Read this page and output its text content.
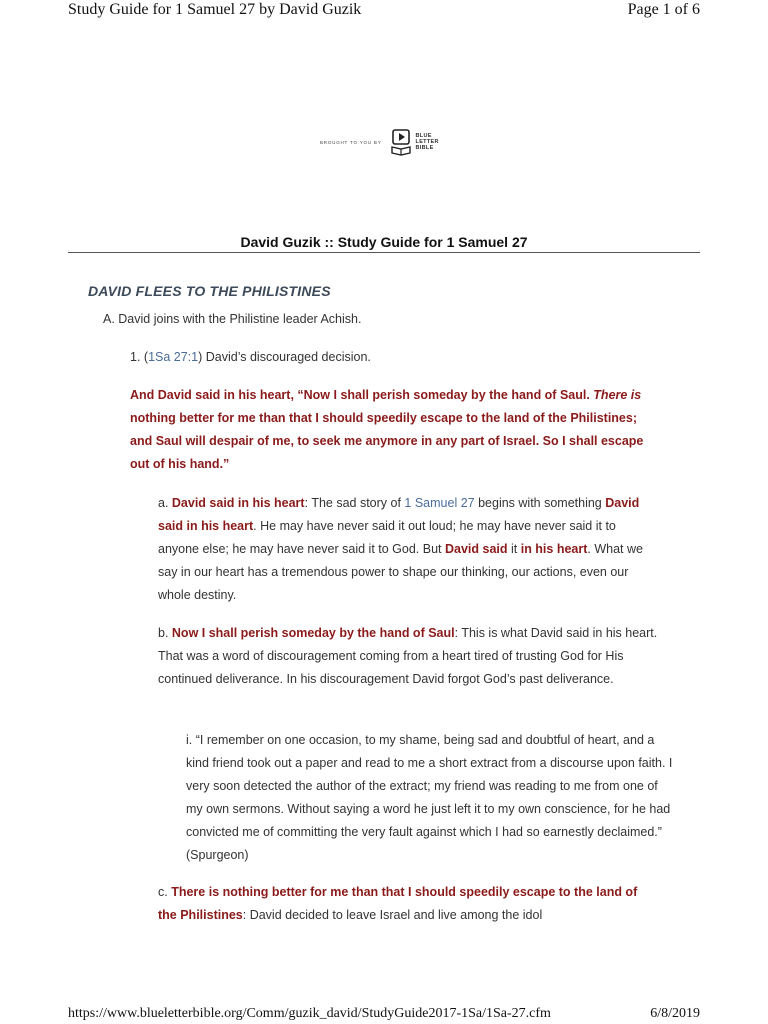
Study Guide for 1 Samuel 27 by David Guzik	Page 1 of 6
BROUGHT TO YOU BY
BLUE
LETTER
BIBLE
David Guzik :: Study Guide for 1 Samuel 27
DAVID FLEES TO THE PHILISTINES
A. David joins with the Philistine leader Achish.
1. (1Sa 27:1) David’s discouraged decision.
And David said in his heart, “Now I shall perish someday by the hand of Saul. There is nothing better for me than that I should speedily escape to the land of the Philistines; and Saul will despair of me, to seek me anymore in any part of Israel. So I shall escape out of his hand.”
a. David said in his heart: The sad story of 1 Samuel 27 begins with something David said in his heart. He may have never said it out loud; he may have never said it to anyone else; he may have never said it to God. But David said it in his heart. What we say in our heart has a tremendous power to shape our thinking, our actions, even our whole destiny.
b. Now I shall perish someday by the hand of Saul: This is what David said in his heart. That was a word of discouragement coming from a heart tired of trusting God for His continued deliverance. In his discouragement David forgot God’s past deliverance.
i. “I remember on one occasion, to my shame, being sad and doubtful of heart, and a kind friend took out a paper and read to me a short extract from a discourse upon faith. I very soon detected the author of the extract; my friend was reading to me from one of my own sermons. Without saying a word he just left it to my own conscience, for he had convicted me of committing the very fault against which I had so earnestly declaimed.” (Spurgeon)
c. There is nothing better for me than that I should speedily escape to the land of the Philistines: David decided to leave Israel and live among the idol
https://www.blueletterbible.org/Comm/guzik_david/StudyGuide2017-1Sa/1Sa-27.cfm	6/8/2019
